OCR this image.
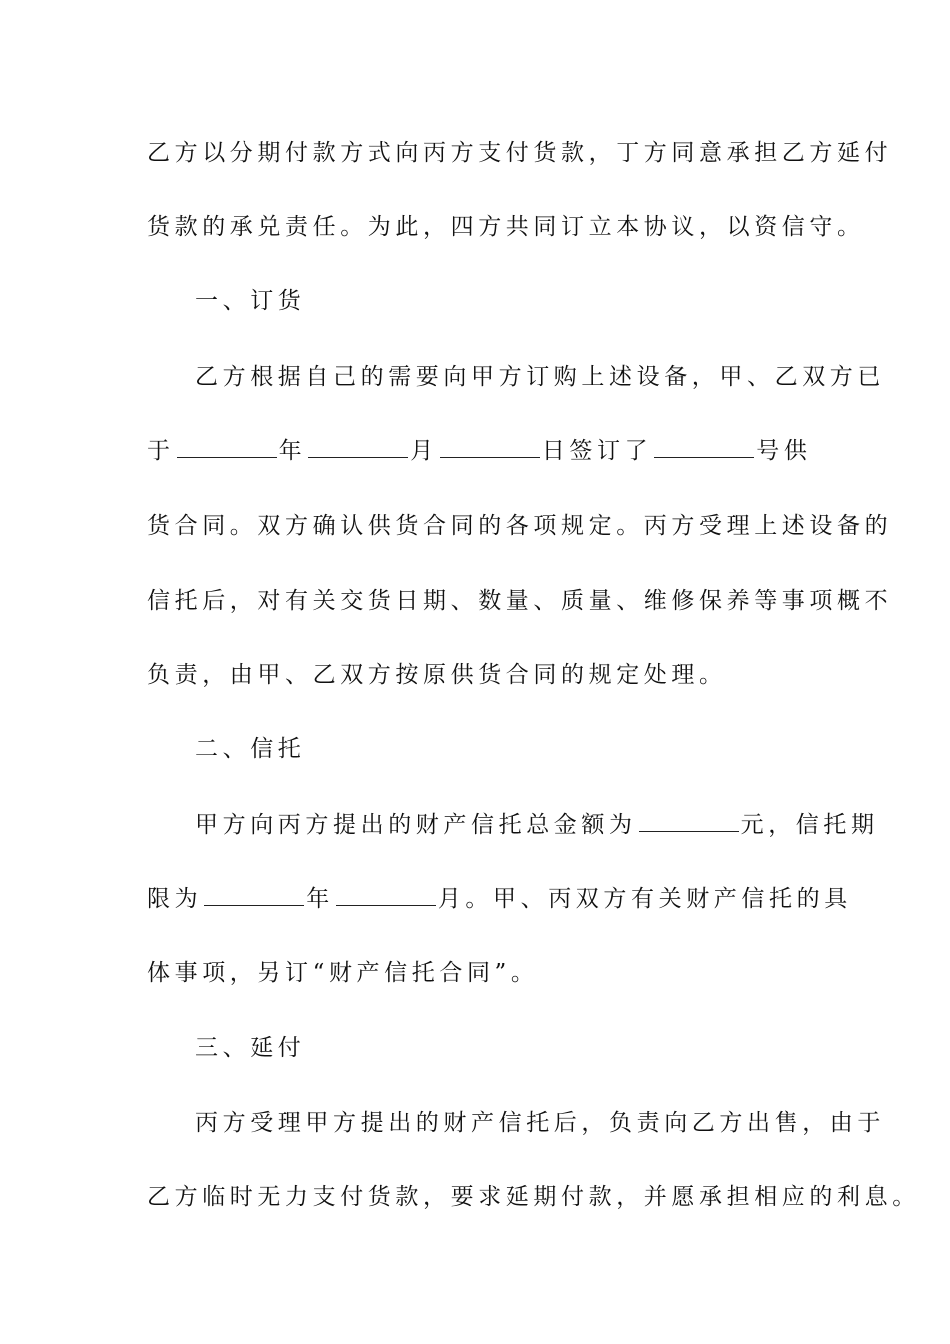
乙方以分期付款方式向丙方支付货款，丁方同意承担乙方延付
货款的承兑责任。为此，四方共同订立本协议，以资信守。
一、订货
乙方根据自己的需要向甲方订购上述设备，甲、乙双方已
于	年	月	日签订了	号供
货合同。双方确认供货合同的各项规定。丙方受理上述设备的
信托后，对有关交货日期、数量、质量、维修保养等事项概不
负责，由甲、乙双方按原供货合同的规定处理。
二、信托
甲方向丙方提出的财产信托总金额为	元，信托期
限为	年	月。甲、丙双方有关财产信托的具
体事项，另订“财产信托合同”。
三、延付
丙方受理甲方提出的财产信托后，负责向乙方出售，由于
乙方临时无力支付货款，要求延期付款，并愿承担相应的利息。
